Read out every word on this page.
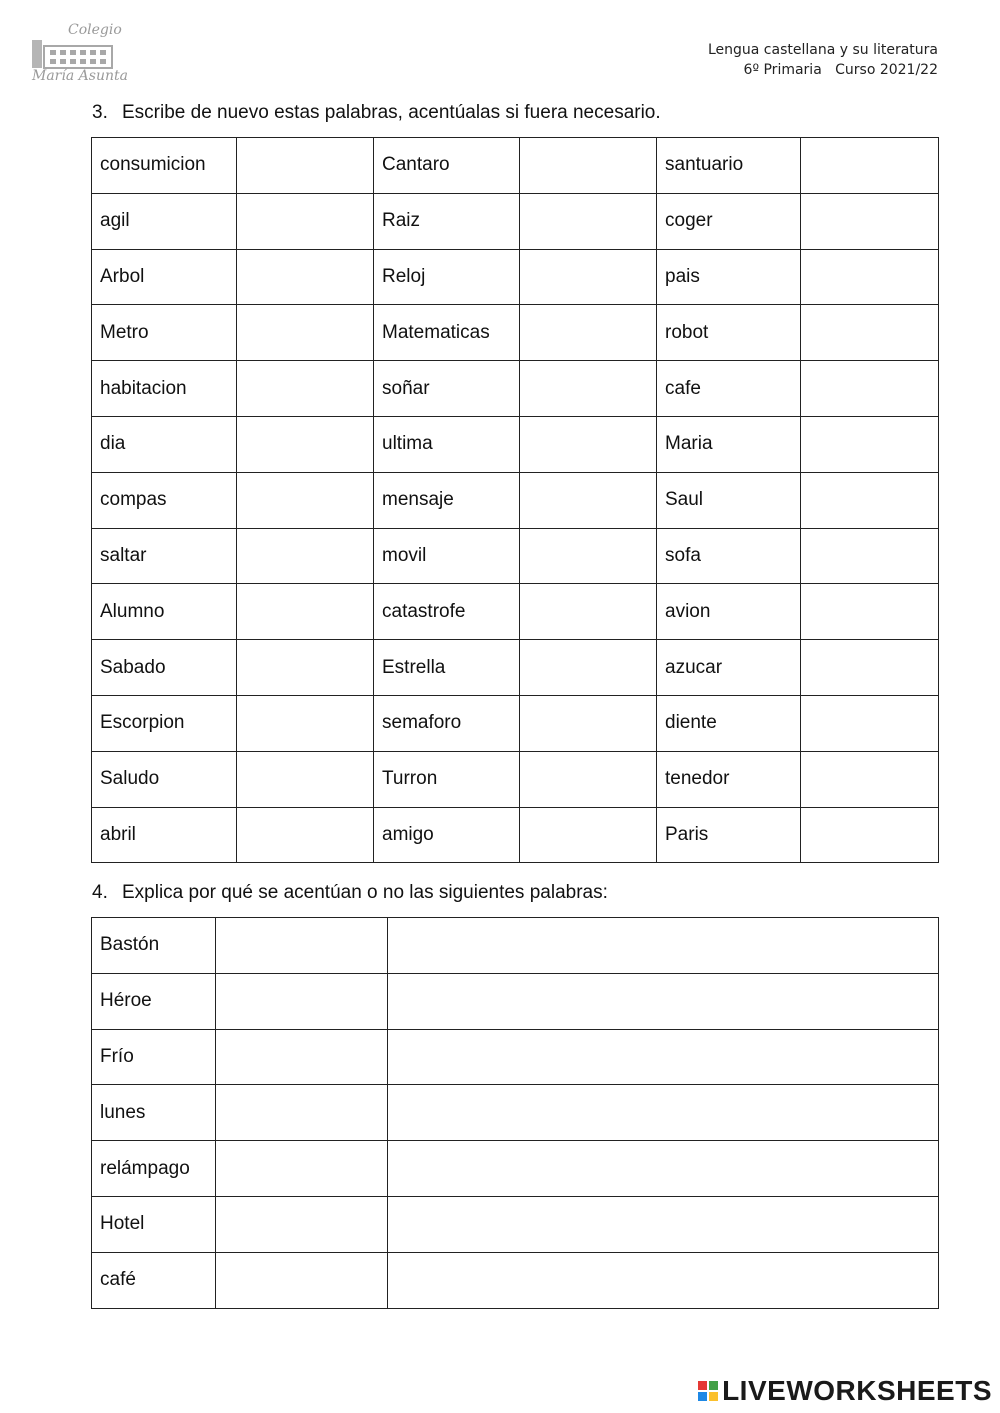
Colegio
María Asunta
Lengua castellana y su literatura
6º Primaria   Curso 2021/22
3. Escribe de nuevo estas palabras, acentúalas si fuera necesario.
consumicion		Cantaro		santuario	
agil		Raiz		coger	
Arbol		Reloj		pais	
Metro		Matematicas		robot	
habitacion		soñar		cafe	
dia		ultima		Maria	
compas		mensaje		Saul	
saltar		movil		sofa	
Alumno		catastrofe		avion	
Sabado		Estrella		azucar	
Escorpion		semaforo		diente	
Saludo		Turron		tenedor	
abril		amigo		Paris	
4. Explica por qué se acentúan o no las siguientes palabras:
Bastón		
Héroe		
Frío		
lunes		
relámpago		
Hotel		
café		
LIVEWORKSHEETS
